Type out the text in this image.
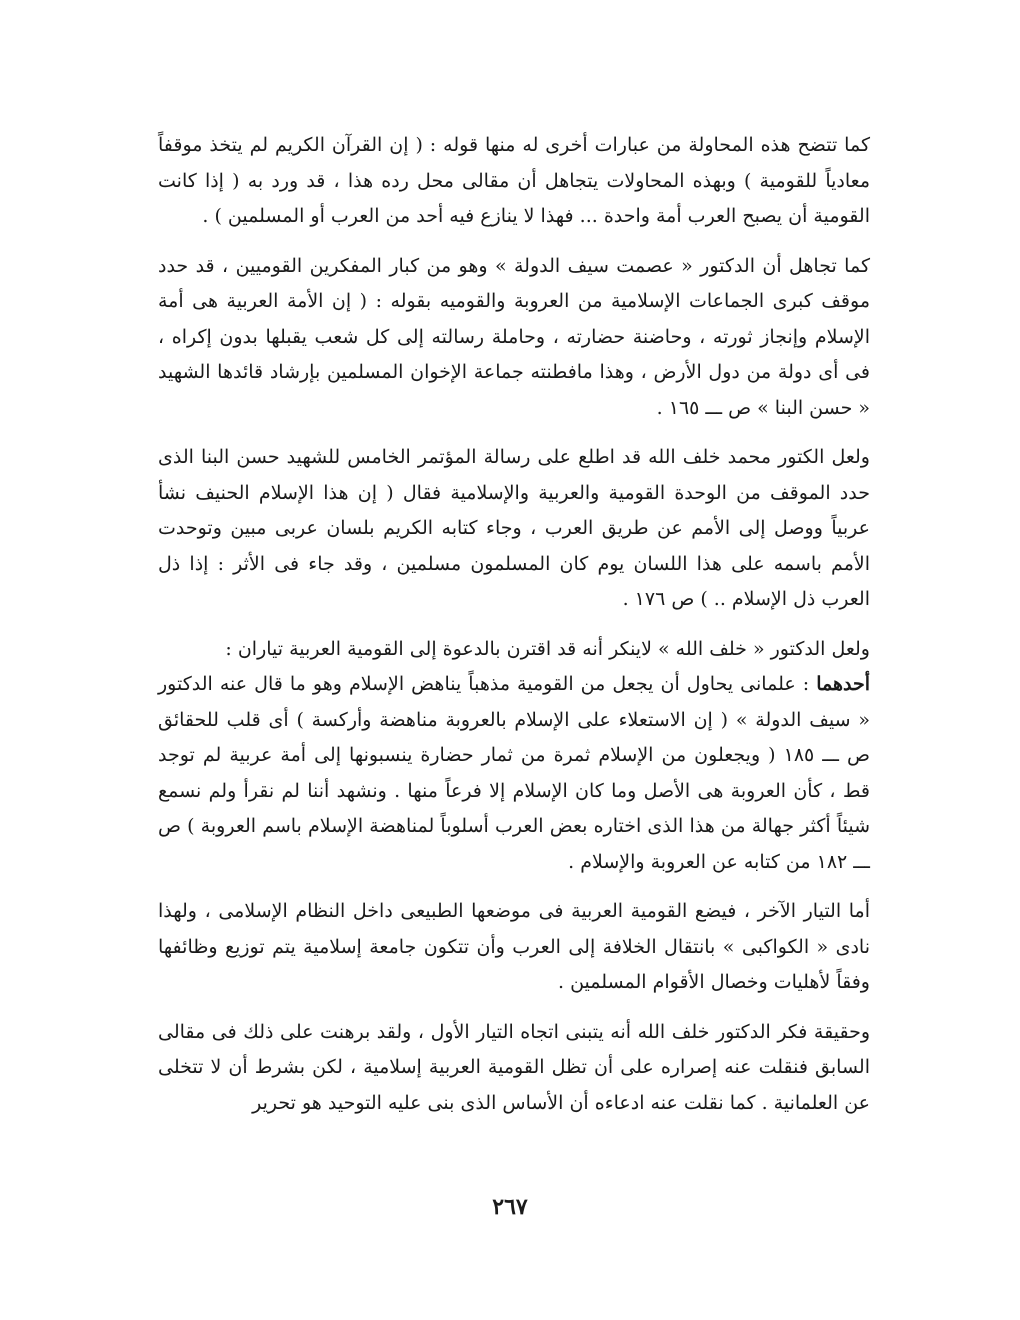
كما تتضح هذه المحاولة من عبارات أخرى له منها قوله : ( إن القرآن الكريم لم يتخذ موقفاً معادياً للقومية ) وبهذه المحاولات يتجاهل أن مقالى محل رده هذا ، قد ورد به ( إذا كانت القومية أن يصبح العرب أمة واحدة ... فهذا لا ينازع فيه أحد من العرب أو المسلمين ) .

كما تجاهل أن الدكتور « عصمت سيف الدولة » وهو من كبار المفكرين القوميين ، قد حدد موقف كبرى الجماعات الإسلامية من العروبة والقوميه بقوله : ( إن الأمة العربية هى أمة الإسلام وإنجاز ثورته ، وحاضنة حضارته ، وحاملة رسالته إلى كل شعب يقبلها بدون إكراه ، فى أى دولة من دول الأرض ، وهذا مافطنته جماعة الإخوان المسلمين بإرشاد قائدها الشهيد « حسن البنا » ص ـــ ١٦٥ .

ولعل الكتور محمد خلف الله قد اطلع على رسالة المؤتمر الخامس للشهيد حسن البنا الذى حدد الموقف من الوحدة القومية والعربية والإسلامية فقال ( إن هذا الإسلام الحنيف نشأ عربياً ووصل إلى الأمم عن طريق العرب ، وجاء كتابه الكريم بلسان عربى مبين وتوحدت الأمم باسمه على هذا اللسان يوم كان المسلمون مسلمين ، وقد جاء فى الأثر : إذا ذل العرب ذل الإسلام .. ) ص ١٧٦ .

ولعل الدكتور « خلف الله » لاينكر أنه قد اقترن بالدعوة إلى القومية العربية تياران :

أحدهما : علمانى يحاول أن يجعل من القومية مذهباً يناهض الإسلام وهو ما قال عنه الدكتور « سيف الدولة » ( إن الاستعلاء على الإسلام بالعروبة مناهضة وأركسة ) أى قلب للحقائق ص ـــ ١٨٥ ( ويجعلون من الإسلام ثمرة من ثمار حضارة ينسبونها إلى أمة عربية لم توجد قط ، كأن العروبة هى الأصل وما كان الإسلام إلا فرعاً منها . ونشهد أننا لم نقرأ ولم نسمع شيئاً أكثر جهالة من هذا الذى اختاره بعض العرب أسلوباً لمناهضة الإسلام باسم العروبة ) ص ـــ ١٨٢ من كتابه عن العروبة والإسلام .

أما التيار الآخر ، فيضع القومية العربية فى موضعها الطبيعى داخل النظام الإسلامى ، ولهذا نادى « الكواكبى » بانتقال الخلافة إلى العرب وأن تتكون جامعة إسلامية يتم توزيع وظائفها وفقاً لأهليات وخصال الأقوام المسلمين .

وحقيقة فكر الدكتور خلف الله أنه يتبنى اتجاه التيار الأول ، ولقد برهنت على ذلك فى مقالى السابق فنقلت عنه إصراره على أن تظل القومية العربية إسلامية ، لكن بشرط أن لا تتخلى عن العلمانية . كما نقلت عنه ادعاءه أن الأساس الذى بنى عليه التوحيد هو تحرير

٢٦٧
